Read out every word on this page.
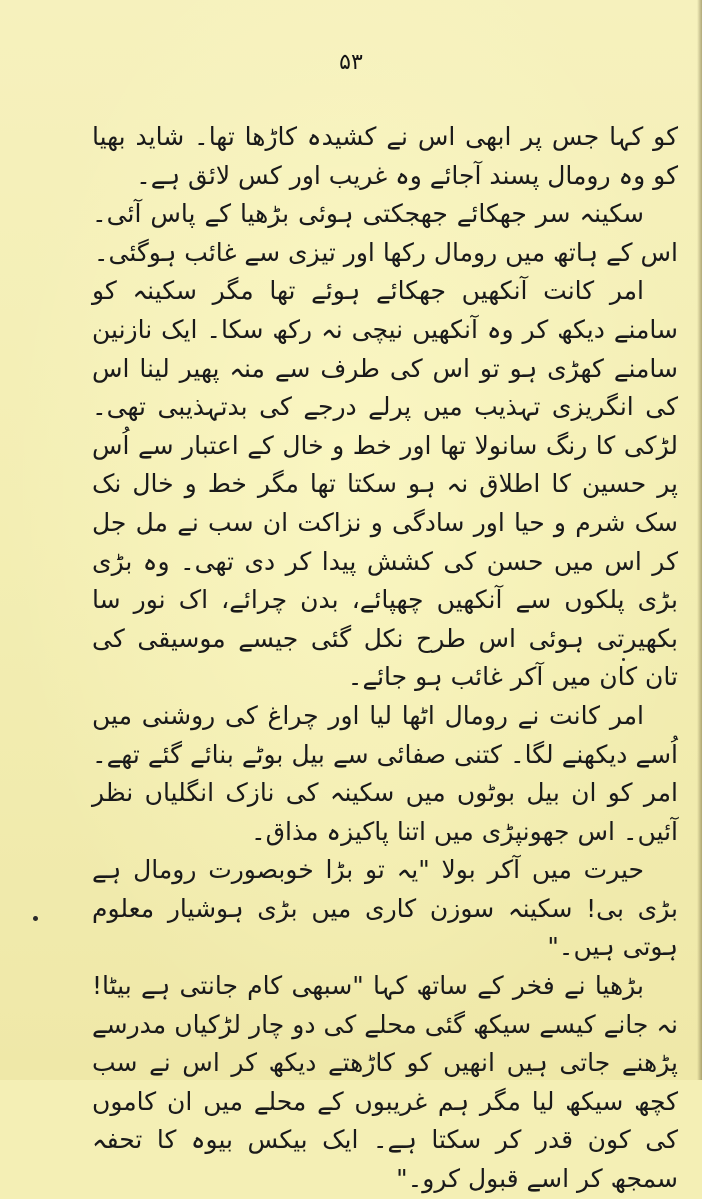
۵۳

کو کہا جس پر ابھی اس نے کشیدہ کاڑھا تھا۔ شاید بھیا کو وہ رومال پسند آجائے وہ غریب اور کس لائق ہے۔

سکینہ سر جھکائے جھجکتی ہوئی بڑھیا کے پاس آئی۔ اس کے ہاتھ میں رومال رکھا اور تیزی سے غائب ہوگئی۔

امر کانت آنکھیں جھکائے ہوئے تھا مگر سکینہ کو سامنے دیکھ کر وہ آنکھیں نیچی نہ رکھ سکا۔ ایک نازنین سامنے کھڑی ہو تو اس کی طرف سے منہ پھیر لینا اس کی انگریزی تہذیب میں پرلے درجے کی بدتہذیبی تھی۔ لڑکی کا رنگ سانولا تھا اور خط و خال کے اعتبار سے اُس پر حسین کا اطلاق نہ ہو سکتا تھا مگر خط و خال نک سک شرم و حیا اور سادگی و نزاکت ان سب نے مل جل کر اس میں حسن کی کشش پیدا کر دی تھی۔ وہ بڑی بڑی پلکوں سے آنکھیں چھپائے، بدن چرائے، اک نور سا بکھیرتی ہوئی اس طرح نکل گئی جیسے موسیقی کی تان کان میں آکر غائب ہو جائے۔

امر کانت نے رومال اٹھا لیا اور چراغ کی روشنی میں اُسے دیکھنے لگا۔ کتنی صفائی سے بیل بوٹے بنائے گئے تھے۔ امر کو ان بیل بوٹوں میں سکینہ کی نازک انگلیاں نظر آئیں۔ اس جھونپڑی میں اتنا پاکیزہ مذاق۔

حیرت میں آکر بولا "یہ تو بڑا خوبصورت رومال ہے بڑی بی! سکینہ سوزن کاری میں بڑی ہوشیار معلوم ہوتی ہیں۔"

بڑھیا نے فخر کے ساتھ کہا "سبھی کام جانتی ہے بیٹا! نہ جانے کیسے سیکھ گئی محلے کی دو چار لڑکیاں مدرسے پڑھنے جاتی ہیں انھیں کو کاڑھتے دیکھ کر اس نے سب کچھ سیکھ لیا مگر ہم غریبوں کے محلے میں ان کاموں کی کون قدر کر سکتا ہے۔ ایک بیکس بیوہ کا تحفہ سمجھ کر اسے قبول کرو۔"
